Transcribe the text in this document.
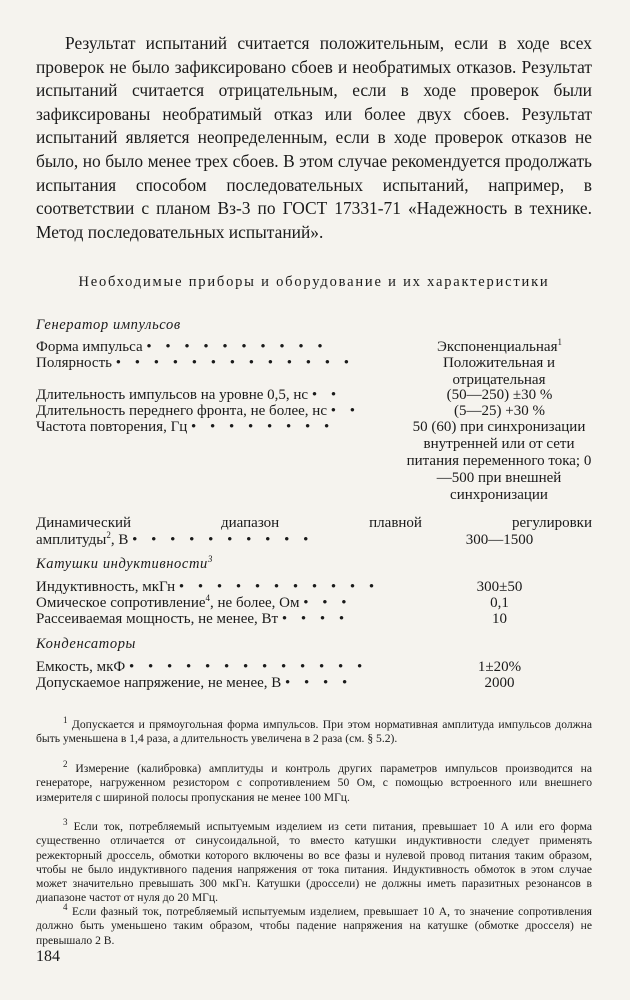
Результат испытаний считается положительным, если в ходе всех проверок не было зафиксировано сбоев и необратимых отказов. Результат испытаний считается отрицательным, если в ходе проверок были зафиксированы необратимый отказ или более двух сбоев. Результат испытаний является неопределенным, если в ходе проверок отказов не было, но было менее трех сбоев. В этом случае рекомендуется продолжать испытания способом последовательных испытаний, например, в соответствии с планом Вз-3 по ГОСТ 17331-71 «Надежность в технике. Метод последовательных испытаний».

Необходимые приборы и оборудование и их характеристики

Генератор импульсов

Форма импульса • • • • • • • • • •	Экспоненциальная$^1$
Полярность • • • • • • • • • • • • •	Положительная и отрицательная
Длительность импульсов на уровне 0,5, нс • •	(50—250) ±30 %
Длительность переднего фронта, не более, нс • •	(5—25) +30 %
Частота повторения, Гц • • • • • • • •	50 (60) при синхронизации внутренней или от сети питания переменного тока; 0—500 при внешней синхронизации
Динамический диапазон плавной регулировки
амплитуды$^2$, В • • • • • • • • • •	300—1500

Катушки индуктивности$^3$

Индуктивность, мкГн • • • • • • • • • • •	300±50
Омическое сопротивление$^4$, не более, Ом • • •	0,1
Рассеиваемая мощность, не менее, Вт • • • •	10

Конденсаторы

Емкость, мкФ • • • • • • • • • • • • •	1±20%
Допускаемое напряжение, не менее, В • • • •	2000

$^1$ Допускается и прямоугольная форма импульсов. При этом нормативная амплитуда импульсов должна быть уменьшена в 1,4 раза, а длительность увеличена в 2 раза (см. § 5.2).

$^2$ Измерение (калибровка) амплитуды и контроль других параметров импульсов производится на генераторе, нагруженном резистором с сопротивлением 50 Ом, с помощью встроенного или внешнего измерителя с шириной полосы пропускания не менее 100 МГц.

$^3$ Если ток, потребляемый испытуемым изделием из сети питания, превышает 10 А или его форма существенно отличается от синусоидальной, то вместо катушки индуктивности следует применять режекторный дроссель, обмотки которого включены во все фазы и нулевой провод питания таким образом, чтобы не было индуктивного падения напряжения от тока питания. Индуктивность обмоток в этом случае может значительно превышать 300 мкГн. Катушки (дроссели) не должны иметь паразитных резонансов в диапазоне частот от нуля до 20 МГц.

$^4$ Если фазный ток, потребляемый испытуемым изделием, превышает 10 А, то значение сопротивления должно быть уменьшено таким образом, чтобы падение напряжения на катушке (обмотке дросселя) не превышало 2 В.

184
